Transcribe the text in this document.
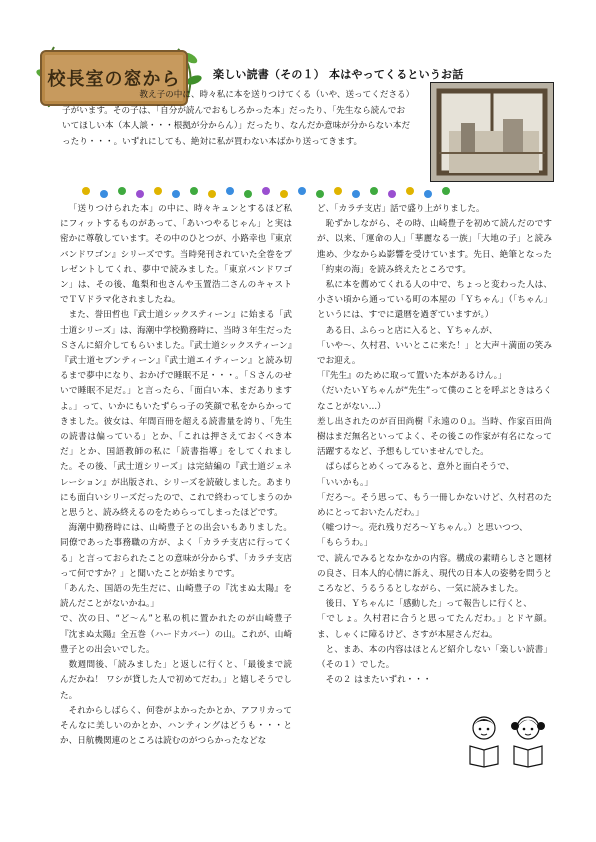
校長室の窓から	楽しい読書（その１） 本はやってくるというお話

教え子の中に、時々私に本を送りつけてくる（いや、送ってくださる）子がいます。その子は、「自分が読んでおもしろかった本」だったり、「先生なら読んでおいてほしい本（本人談・・・根拠が分からん）」だったり、なんだか意味が分からない本だったり・・・。いずれにしても、絶対に私が買わない本ばかり送ってきます。

「送りつけられた本」の中に、時々キュンとするほど私にフィットするものがあって、「あいつやるじゃん」と実は密かに尊敬しています。その中のひとつが、小路幸也『東京バンドワゴン』シリーズです。当時発刊されていた全巻をプレゼントしてくれ、夢中で読みました。「東京バンドワゴン」は、その後、亀梨和也さんや玉置浩二さんのキャストでＴＶドラマ化されましたね。

また、誉田哲也『武士道シックスティーン』に始まる「武士道シリーズ」は、海潮中学校勤務時に、当時３年生だったＳさんに紹介してもらいました。『武士道シックスティーン』『武士道セブンティーン』『武士道エイティーン』と読み切るまで夢中になり、おかげで睡眠不足・・・。「Ｓさんのせいで睡眠不足だ。」と言ったら、「面白い本、まだありますよ。」って、いかにもいたずらっ子の笑顔で私をからかってきました。彼女は、年間百冊を超える読書量を誇り、「先生の読書は偏っている」とか、「これは押さえておくべき本だ」とか、国語教師の私に「読書指導」をしてくれました。その後、「武士道シリーズ」は完結編の『武士道ジェネレーション』が出版され、シリーズを読破しました。あまりにも面白いシリーズだったので、これで終わってしまうのかと思うと、読み終えるのをためらってしまったほどです。

海潮中勤務時には、山崎豊子との出会いもありました。同僚であった事務職の方が、よく「カラチ支店に行ってくる」と言っておられたことの意味が分からず、「カラチ支店って何ですか？」と聞いたことが始まりです。

「あんた、国語の先生だに、山崎豊子の『沈まぬ太陽』を読んだことがないかね。」

で、次の日、“ど～ん”と私の机に置かれたのが山崎豊子『沈まぬ太陽』全五巻（ハードカバー）の山。これが、山崎豊子との出会いでした。

数週間後、「読みました」と返しに行くと、「最後まで読んだかね！ ワシが貸した人で初めてだわ。」と嬉しそうでした。

それからしばらく、何巻がよかったかとか、アフリカってそんなに美しいのかとか、ハンティングはどうも・・・とか、日航機関連のところは読むのがつらかったなどな

ど、「カラチ支店」話で盛り上がりました。

恥ずかしながら、その時、山崎豊子を初めて読んだのですが、以来、「運命の人」「華麗なる一族」「大地の子」と読み進め、少なからぬ影響を受けています。先日、絶筆となった「約束の海」を読み終えたところです。

私に本を薦めてくれる人の中で、ちょっと変わった人は、小さい頃から通っている町の本屋の「Ｙちゃん」（「ちゃん」というには、すでに還暦を過ぎていますが。）

ある日、ふらっと店に入ると、Ｙちゃんが、

「いや～、久村君、いいとこに来た！」と大声＋満面の笑みでお迎え。

「『先生』のために取って置いた本があるけん。」

（だいたいＹちゃんが“先生”って僕のことを呼ぶときはろくなことがない…）

差し出されたのが百田尚樹『永遠の０』。当時、作家百田尚樹はまだ無名といってよく、その後この作家が有名になって活躍するなど、予想もしていませんでした。

ぱらぱらとめくってみると、意外と面白そうで、

「いいかも。」

「だろ～。そう思って、もう一冊しかないけど、久村君のためにとっておいたんだわ。」

（嘘つけ～。売れ残りだろ～Ｙちゃん。）と思いつつ、

「もらうわ。」

で、読んでみるとなかなかの内容。構成の素晴らしさと題材の良さ、日本人的心情に訴え、現代の日本人の姿勢を問うところなど、うるうるとしながら、一気に読みました。

後日、Ｙちゃんに「感動した」って報告しに行くと、

「でしょ。久村君に合うと思ってたんだわ。」とドヤ顔。ま、しゃくに障るけど、さすが本屋さんだね。

と、まあ、本の内容はほとんど紹介しない「楽しい読書」（その１）でした。

その２ はまたいずれ・・・
